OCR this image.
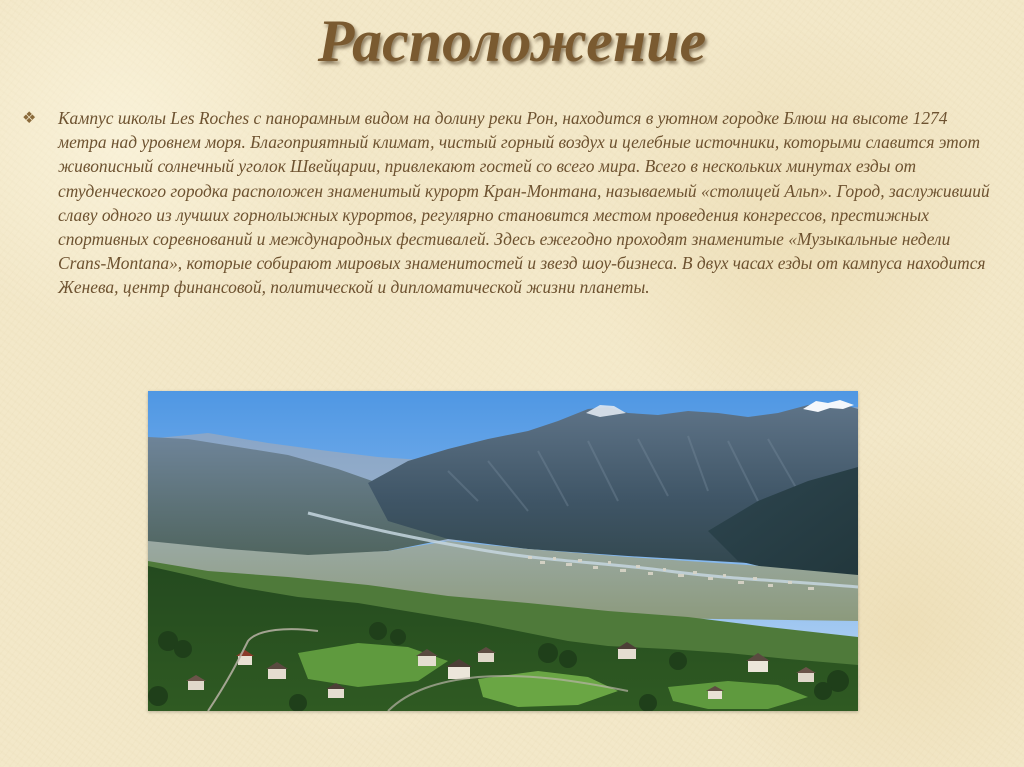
Расположение
❖	Кампус школы Les Roches с панорамным видом на долину реки Рон, находится в уютном городке Блюш на высоте 1274 метра над уровнем моря. Благоприятный климат, чистый горный воздух и целебные источники, которыми славится этот живописный солнечный уголок Швейцарии, привлекают гостей со всего мира. Всего в нескольких минутах езды от студенческого городка расположен знаменитый курорт Кран-Монтана, называемый «столицей Альп». Город, заслуживший славу одного из лучших горнолыжных курортов, регулярно становится местом проведения конгрессов, престижных спортивных соревнований и международных фестивалей. Здесь ежегодно проходят знаменитые «Музыкальные недели Crans-Montana», которые собирают мировых знаменитостей и звезд шоу-бизнеса. В двух часах езды от кампуса находится Женева, центр финансовой, политической и дипломатической жизни планеты.
